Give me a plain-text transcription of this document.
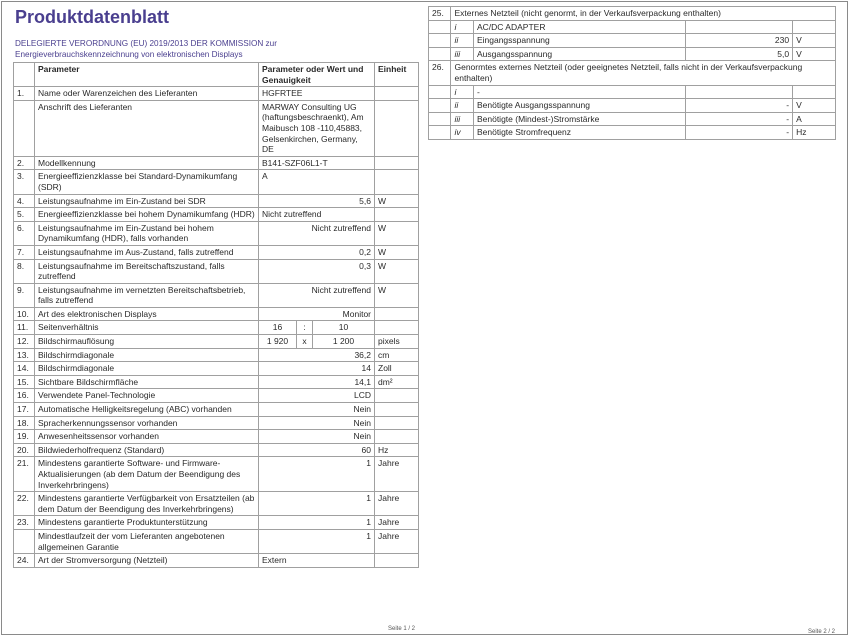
Produktdatenblatt
DELEGIERTE VERORDNUNG (EU) 2019/2013 DER KOMMISSION zur
Energieverbrauchskennzeichnung von elektronischen Displays
	Parameter	Parameter oder Wert und Genauigkeit			Einheit
1.	Name oder Warenzeichen des Lieferanten	HGFRTEE			
	Anschrift des Lieferanten	MARWAY Consulting UG (haftungsbeschraenkt), Am Maibusch 108 -110,45883, Gelsenkirchen, Germany, DE			
2.	Modellkennung	B141-SZF06L1-T			
3.	Energieeffizienzklasse bei Standard-Dynamikumfang (SDR)	A			
4.	Leistungsaufnahme im Ein-Zustand bei SDR	5,6			W
5.	Energieeffizienzklasse bei hohem Dynamikumfang (HDR)	Nicht zutreffend			
6.	Leistungsaufnahme im Ein-Zustand bei hohem Dynamikumfang (HDR), falls vorhanden	Nicht zutreffend			W
7.	Leistungsaufnahme im Aus-Zustand, falls zutreffend	0,2			W
8.	Leistungsaufnahme im Bereitschaftszustand, falls zutreffend	0,3			W
9.	Leistungsaufnahme im vernetzten Bereitschaftsbetrieb, falls zutreffend	Nicht zutreffend			W
10.	Art des elektronischen Displays	Monitor			
11.	Seitenverhältnis	16	:	10	
12.	Bildschirmauflösung	1 920	x	1 200	pixels
13.	Bildschirmdiagonale	36,2			cm
14.	Bildschirmdiagonale	14			Zoll
15.	Sichtbare Bildschirmfläche	14,1			dm²
16.	Verwendete Panel-Technologie	LCD			
17.	Automatische Helligkeitsregelung (ABC) vorhanden	Nein			
18.	Spracherkennungssensor vorhanden	Nein			
19.	Anwesenheitssensor vorhanden	Nein			
20.	Bildwiederholfrequenz (Standard)	60			Hz
21.	Mindestens garantierte Software- und Firmware-Aktualisierungen (ab dem Datum der Beendigung des Inverkehrbringens)	1			Jahre
22.	Mindestens garantierte Verfügbarkeit von Ersatzteilen (ab dem Datum der Beendigung des Inverkehrbringens)	1			Jahre
23.	Mindestens garantierte Produktunterstützung	1			Jahre
	Mindestlaufzeit der vom Lieferanten angebotenen allgemeinen Garantie	1			Jahre
24.	Art der Stromversorgung (Netzteil)	Extern			
25.	Externes Netzteil (nicht genormt, in der Verkaufsverpackung enthalten)			
	i	AC/DC ADAPTER		
	ii	Eingangsspannung	230	V
	iii	Ausgangsspannung	5,0	V
26.	Genormtes externes Netzteil (oder geeignetes Netzteil, falls nicht in der Verkaufsverpackung enthalten)			
	i	-		
	ii	Benötigte Ausgangsspannung	-	V
	iii	Benötigte (Mindest-)Stromstärke	-	A
	iv	Benötigte Stromfrequenz	-	Hz
Seite 1 / 2	Seite 2 / 2
